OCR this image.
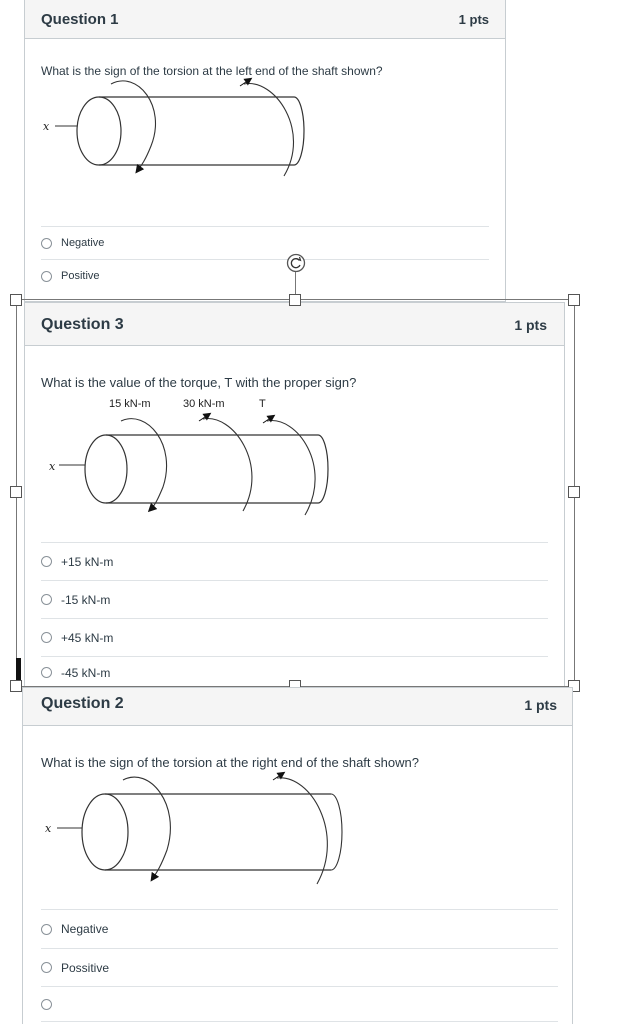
Question 1	1 pts
What is the sign of the torsion at the left end of the shaft shown?
x
Negative
Positive
Question 3	1 pts
What is the value of the torque, T with the proper sign?
15 kN-m	30 kN-m	T
x
+15 kN-m
-15 kN-m
+45 kN-m
-45 kN-m
Question 2	1 pts
What is the sign of the torsion at the right end of the shaft shown?
x
Negative
Possitive
